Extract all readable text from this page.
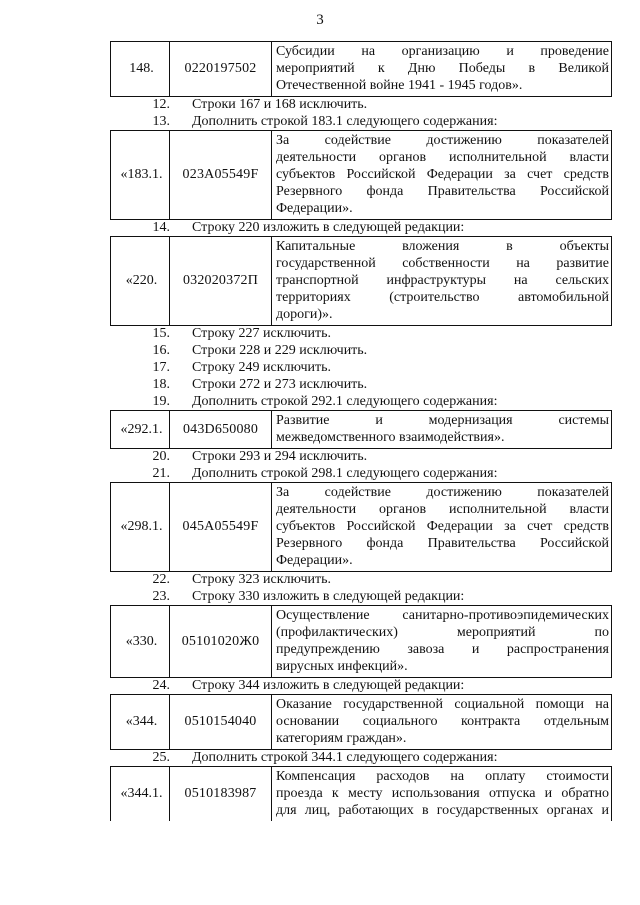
3
148.	0220197502
Субсидии на организацию и проведение
мероприятий к Дню Победы в Великой
Отечественной войне 1941 - 1945 годов».
12.	Строки 167 и 168 исключить.
13.	Дополнить строкой 183.1 следующего содержания:
«183.1.	023А05549F
За содействие достижению показателей
деятельности органов исполнительной власти
субъектов Российской Федерации за счет средств
Резервного фонда Правительства Российской
Федерации».
14.	Строку 220 изложить в следующей редакции:
«220.	032020372П
Капитальные вложения в объекты
государственной собственности на развитие
транспортной инфраструктуры на сельских
территориях (строительство автомобильной
дороги)».
15.	Строку 227 исключить.
16.	Строки 228 и 229 исключить.
17.	Строку 249 исключить.
18.	Строки 272 и 273 исключить.
19.	Дополнить строкой 292.1 следующего содержания:
«292.1.	043D650080
Развитие и модернизация системы
межведомственного взаимодействия».
20.	Строки 293 и 294 исключить.
21.	Дополнить строкой 298.1 следующего содержания:
«298.1.	045А05549F
За содействие достижению показателей
деятельности органов исполнительной власти
субъектов Российской Федерации за счет средств
Резервного фонда Правительства Российской
Федерации».
22.	Строку 323 исключить.
23.	Строку 330 изложить в следующей редакции:
«330.	05101020Ж0
Осуществление санитарно-противоэпидемических
(профилактических) мероприятий по
предупреждению завоза и распространения
вирусных инфекций».
24.	Строку 344 изложить в следующей редакции:
«344.	0510154040
Оказание государственной социальной помощи на
основании социального контракта отдельным
категориям граждан».
25.	Дополнить строкой 344.1 следующего содержания:
«344.1.	0510183987
Компенсация расходов на оплату стоимости
проезда к месту использования отпуска и обратно
для лиц, работающих в государственных органах и
